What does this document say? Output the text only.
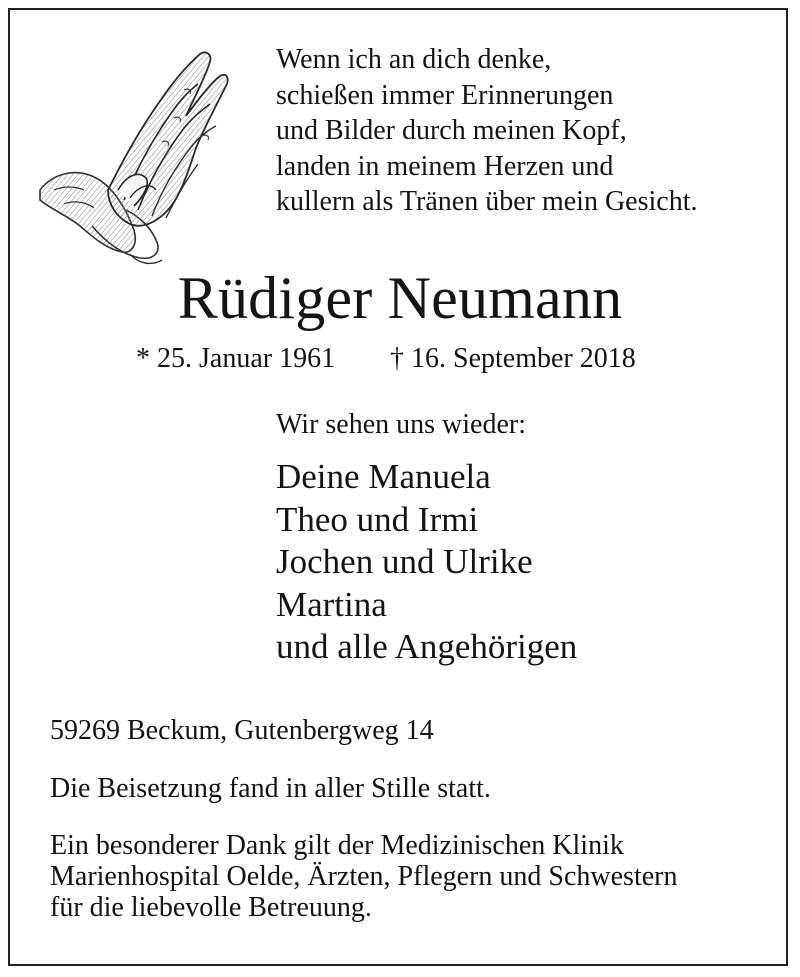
Wenn ich an dich denke,
schießen immer Erinnerungen
und Bilder durch meinen Kopf,
landen in meinem Herzen und
kullern als Tränen über mein Gesicht.
Rüdiger Neumann
* 25. Januar 1961 † 16. September 2018
Wir sehen uns wieder:
Deine Manuela
Theo und Irmi
Jochen und Ulrike
Martina
und alle Angehörigen
59269 Beckum, Gutenbergweg 14
Die Beisetzung fand in aller Stille statt.
Ein besonderer Dank gilt der Medizinischen Klinik
Marienhospital Oelde, Ärzten, Pflegern und Schwestern
für die liebevolle Betreuung.
